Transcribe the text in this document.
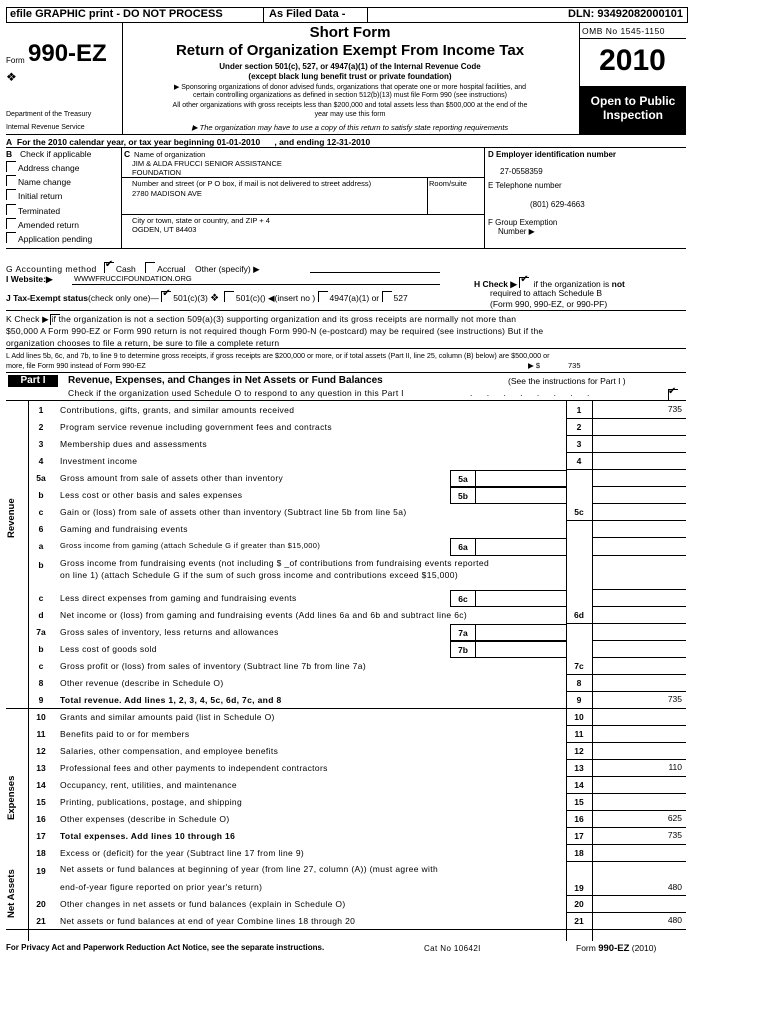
efile GRAPHIC print - DO NOT PROCESS	As Filed Data -	DLN: 93492082000101
Form 990-EZ
❖
Department of the Treasury
Internal Revenue Service
Short Form
Return of Organization Exempt From Income Tax
Under section 501(c), 527, or 4947(a)(1) of the Internal Revenue Code
(except black lung benefit trust or private foundation)
▶ Sponsoring organizations of donor advised funds, organizations that operate one or more hospital facilities, and
certain controlling organizations as defined in section 512(b)(13) must file Form 990 (see instructions)
All other organizations with gross receipts less than $200,000 and total assets less than $500,000 at the end of the
year may use this form
▶ The organization may have to use a copy of this return to satisfy state reporting requirements
OMB No 1545-1150
2010
Open to Public
Inspection
A For the 2010 calendar year, or tax year beginning 01-01-2010 , and ending 12-31-2010
B Check if applicable
Address change
Name change
Initial return
Terminated
Amended return
Application pending
C Name of organization
JIM & ALDA FRUCCI SENIOR ASSISTANCE
FOUNDATION
Number and street (or P O box, if mail is not delivered to street address)	Room/suite
2780 MADISON AVE
City or town, state or country, and ZIP + 4
OGDEN, UT 84403
D Employer identification number
27-0558359
E Telephone number
(801) 629-4663
F Group Exemption
Number ▶
G Accounting method ✔ Cash	Accrual Other (specify) ▶
I Website:▶	WWWFRUCCIFOUNDATION.ORG
J Tax-Exempt status(check only one)— ✔ 501(c)(3) ❖ 501(c)() ◀(insert no ) 4947(a)(1) or 527
H Check ▶ ✔ if the organization is not
required to attach Schedule B
(Form 990, 990-EZ, or 990-PF)
K Check ▶ if the organization is not a section 509(a)(3) supporting organization and its gross receipts are normally not more than
$50,000 A Form 990-EZ or Form 990 return is not required though Form 990-N (e-postcard) may be required (see instructions) But if the
organization chooses to file a return, be sure to file a complete return
L Add lines 5b, 6c, and 7b, to line 9 to determine gross receipts, if gross receipts are $200,000 or more, or if total assets (Part II, line 25, column (B) below) are $500,000 or
more, file Form 990 instead of Form 990-EZ	▶ $	735
Part I	Revenue, Expenses, and Changes in Net Assets or Fund Balances	(See the instructions for Part I )
Check if the organization used Schedule O to respond to any question in this Part I	. . . . . . . .	✔
1	Contributions, gifts, grants, and similar amounts received	1	735
2	Program service revenue including government fees and contracts	2
3	Membership dues and assessments	3
4	Investment income	4
5a	Gross amount from sale of assets other than inventory	5a
b	Less cost or other basis and sales expenses	5b
c	Gain or (loss) from sale of assets other than inventory (Subtract line 5b from line 5a)	5c
6	Gaming and fundraising events
a	Gross income from gaming (attach Schedule G if greater than $15,000)	6a
b	Gross income from fundraising events (not including $ _of contributions from fundraising events reported
on line 1) (attach Schedule G if the sum of such gross income and contributions exceed $15,000)
c	Less direct expenses from gaming and fundraising events	6c
d	Net income or (loss) from gaming and fundraising events (Add lines 6a and 6b and subtract line 6c)	6d
7a	Gross sales of inventory, less returns and allowances	7a
b	Less cost of goods sold	7b
c	Gross profit or (loss) from sales of inventory (Subtract line 7b from line 7a)	7c
8	Other revenue (describe in Schedule O)	8
9	Total revenue. Add lines 1, 2, 3, 4, 5c, 6d, 7c, and 8	9	735
10	Grants and similar amounts paid (list in Schedule O)	10
11	Benefits paid to or for members	11
12	Salaries, other compensation, and employee benefits	12
13	Professional fees and other payments to independent contractors	13	110
14	Occupancy, rent, utilities, and maintenance	14
15	Printing, publications, postage, and shipping	15
16	Other expenses (describe in Schedule O)	16	625
17	Total expenses. Add lines 10 through 16	17	735
18	Excess or (deficit) for the year (Subtract line 17 from line 9)	18
19	Net assets or fund balances at beginning of year (from line 27, column (A)) (must agree with
end-of-year figure reported on prior year's return)	19	480
20	Other changes in net assets or fund balances (explain in Schedule O)	20
21	Net assets or fund balances at end of year Combine lines 18 through 20	21	480
Revenue
Expenses
Net Assets
For Privacy Act and Paperwork Reduction Act Notice, see the separate instructions.	Cat No 10642I	Form 990-EZ (2010)
